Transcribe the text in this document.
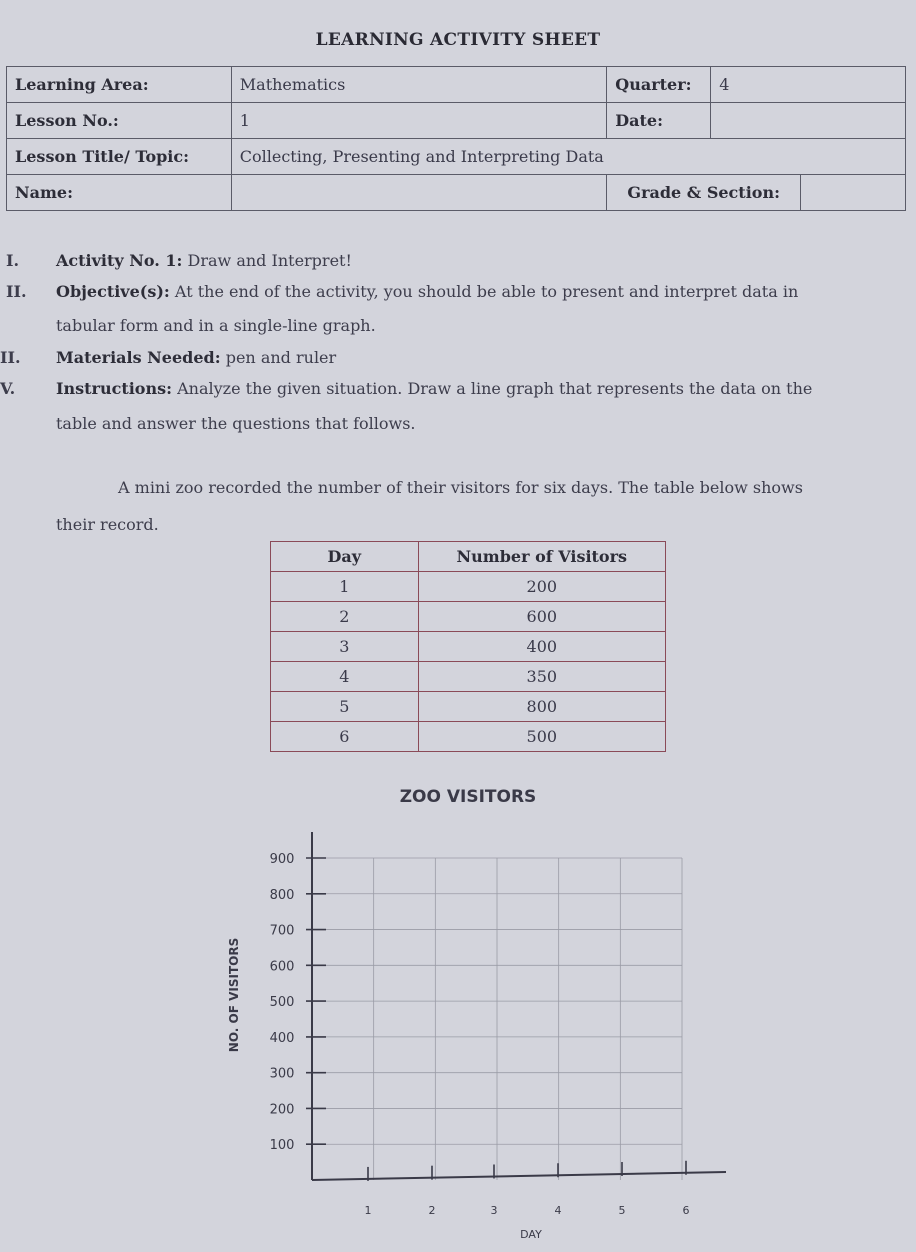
LEARNING ACTIVITY SHEET
Learning Area:	Mathematics	Quarter:	4	
Lesson No.:	1	Date:		
Lesson Title/ Topic:	Collecting, Presenting and Interpreting Data			
Name:		Grade & Section:		
I. Activity No. 1: Draw and Interpret!
II. Objective(s): At the end of the activity, you should be able to present and interpret data in
tabular form and in a single-line graph.
II. Materials Needed: pen and ruler
V.	Instructions: Analyze the given situation. Draw a line graph that represents the data on the
table and answer the questions that follows.
A mini zoo recorded the number of their visitors for six days. The table below shows
their record.
Day	Number of Visitors
1	200
2	600
3	400
4	350
5	800
6	500
ZOO VISITORS
900
800
700
600
500
400
300
200
100
1	2	3	4	5	6
NO. OF VISITORS
DAY
